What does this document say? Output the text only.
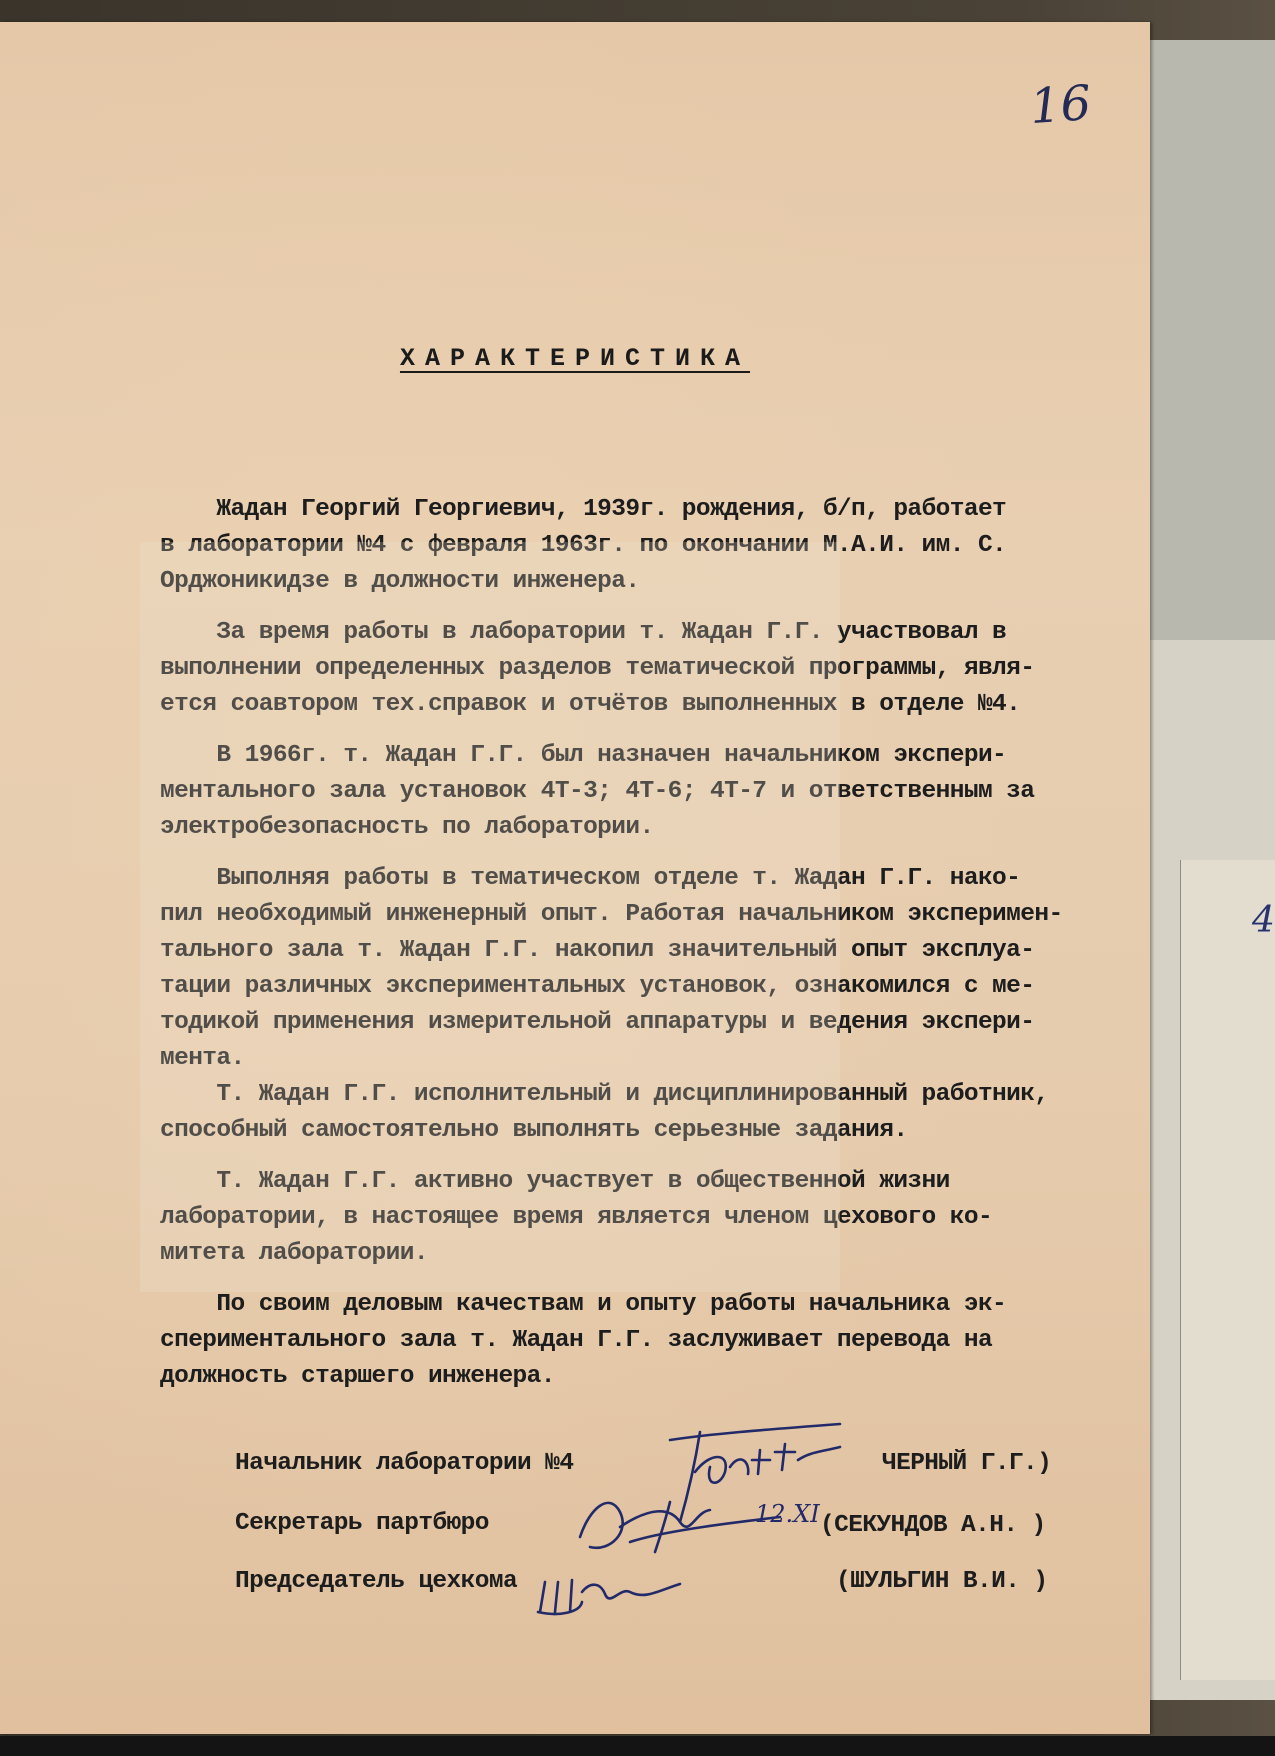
4
16
ХАРАКТЕРИСТИКА
Жадан Георгий Георгиевич, 1939г. рождения, б/п, работает
в лаборатории №4 с февраля 1963г. по окончании М.А.И. им. С.
Орджоникидзе в должности инженера.
За время работы в лаборатории т. Жадан Г.Г. участвовал в
выполнении определенных разделов тематической программы, явля-
ется соавтором тех.справок и отчётов выполненных в отделе №4.
В 1966г. т. Жадан Г.Г. был назначен начальником экспери-
ментального зала установок 4Т-3; 4Т-6; 4Т-7 и ответственным за
электробезопасность по лаборатории.
Выполняя работы в тематическом отделе т. Жадан Г.Г. нако-
пил необходимый инженерный опыт. Работая начальником эксперимен-
тального зала т. Жадан Г.Г. накопил значительный опыт эксплуа-
тации различных экспериментальных установок, ознакомился с ме-
тодикой применения измерительной аппаратуры и ведения экспери-
мента.
Т. Жадан Г.Г. исполнительный и дисциплинированный работник,
способный самостоятельно выполнять серьезные задания.
Т. Жадан Г.Г. активно участвует в общественной жизни
лаборатории, в настоящее время является членом цехового ко-
митета лаборатории.
По своим деловым качествам и опыту работы начальника эк-
спериментального зала т. Жадан Г.Г. заслуживает перевода на
должность старшего инженера.
Начальник лаборатории №4	ЧЕРНЫЙ Г.Г.)
Секретарь партбюро	(СЕКУНДОВ А.Н. )
Председатель цехкома	(ШУЛЬГИН В.И. )
12.XI
